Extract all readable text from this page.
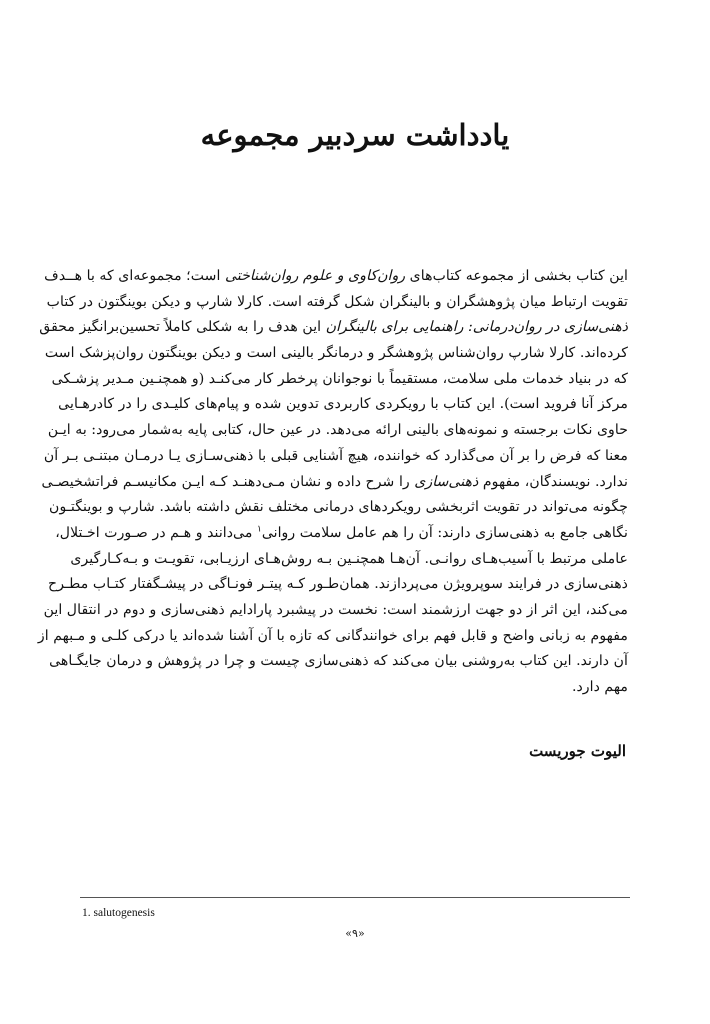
یادداشت سردبیر مجموعه
این کتاب بخشی از مجموعه کتاب‌های روان‌کاوی و علوم روان‌شناختی است؛ مجموعه‌ای که با هــدف
تقویت ارتباط میان پژوهشگران و بالینگران شکل گرفته است. کارلا شارپ و دیکن بوینگتون در کتاب
ذهنی‌سازی در روان‌درمانی: راهنمایی برای بالینگران این هدف را به شکلی کاملاً تحسین‌برانگیز محقق
کرده‌اند. کارلا شارپ روان‌شناس پژوهشگر و درمانگر بالینی است و دیکن بوینگتون روان‌پزشک است
که در بنیاد خدمات ملی سلامت، مستقیماً با نوجوانان پرخطر کار می‌کنـد (و همچنـین مـدیر پزشـکی
مرکز آنا فروید است). این کتاب با رویکردی کاربردی تدوین شده و پیام‌های کلیـدی را در کادرهـایی
حاوی نکات برجسته و نمونه‌های بالینی ارائه می‌دهد. در عین حال، کتابی پایه به‌شمار می‌رود: به ایـن
معنا که فرض را بر آن می‌گذارد که خواننده، هیچ آشنایی قبلی با ذهنی‌سـازی یـا درمـان مبتنـی بـر آن
ندارد. نویسندگان، مفهوم ذهنی‌سازی را شرح داده و نشان مـی‌دهنـد کـه ایـن مکانیسـم فراتشخیصـی
چگونه می‌تواند در تقویت اثربخشی رویکردهای درمانی مختلف نقش داشته باشد. شارپ و بوینگتـون
نگاهی جامع به ذهنی‌سازی دارند: آن را هم عامل سلامت روانی$^۱$ می‌دانند و هـم در صـورت اخـتلال،
عاملی مرتبط با آسیب‌هـای روانـی. آن‌هـا همچنـین بـه روش‌هـای ارزیـابی، تقویـت و بـه‌کـارگیری
ذهنی‌سازی در فرایند سوپرویژن می‌پردازند. همان‌طـور کـه پیتـر فونـاگی در پیشـگفتار کتـاب مطـرح
می‌کند، این اثر از دو جهت ارزشمند است: نخست در پیشبرد پارادایم ذهنی‌سازی و دوم در انتقال این
مفهوم به زبانی واضح و قابل فهم برای خوانندگانی که تازه با آن آشنا شده‌اند یا درکی کلـی و مـبهم از
آن دارند. این کتاب به‌روشنی بیان می‌کند که ذهنی‌سازی چیست و چرا در پژوهش و درمان جایگـاهی
مهم دارد.
الیوت جوریست
1. salutogenesis
«۹»
